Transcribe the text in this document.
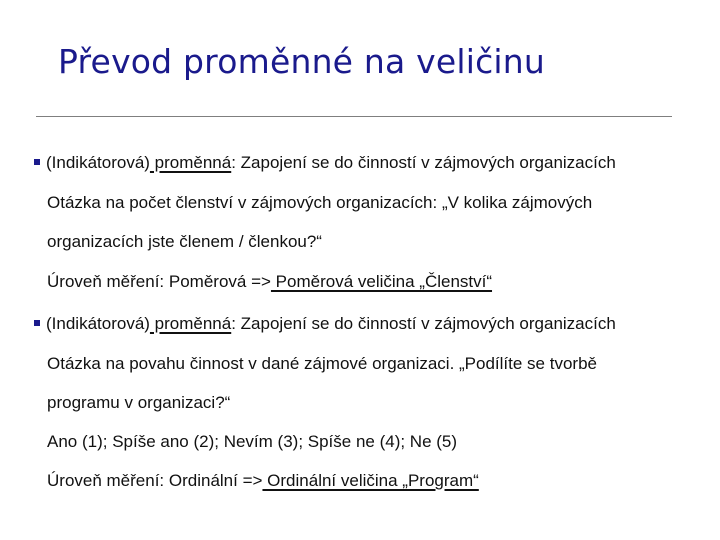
Převod proměnné na veličinu
(Indikátorová) proměnná: Zapojení se do činností v zájmových organizacích
Otázka na počet členství v zájmových organizacích: „V kolika zájmových
organizacích jste členem / členkou?“
Úroveň měření: Poměrová => Poměrová veličina „Členství“
(Indikátorová) proměnná: Zapojení se do činností v zájmových organizacích
Otázka na povahu činnost v dané zájmové organizaci. „Podílíte se tvorbě
programu v organizaci?“
Ano (1); Spíše ano (2); Nevím (3); Spíše ne (4); Ne (5)
Úroveň měření: Ordinální => Ordinální veličina „Program“
